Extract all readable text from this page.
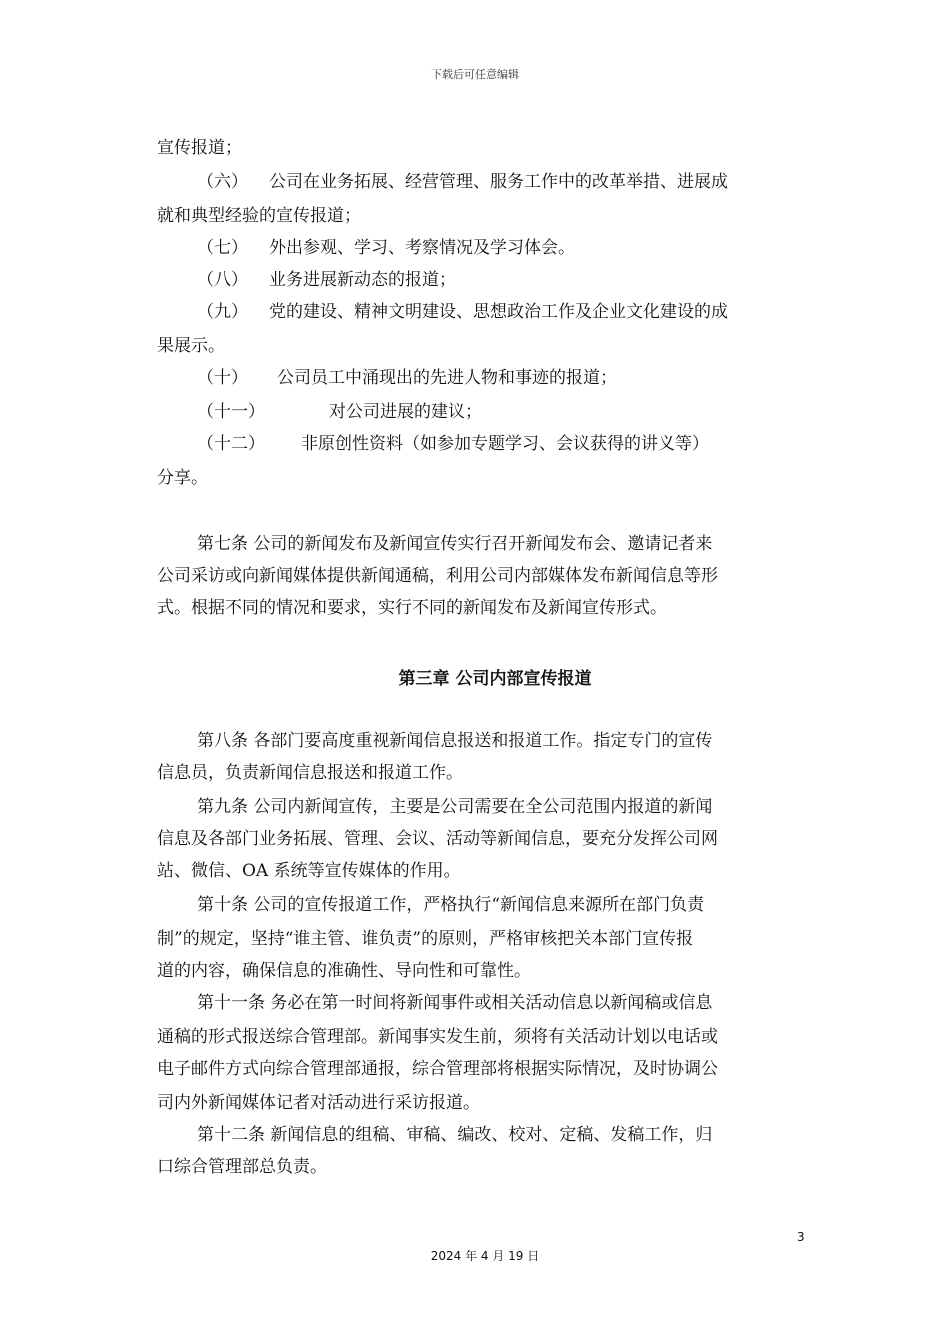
下载后可任意编辑
宣传报道；
（六） 公司在业务拓展、经营管理、服务工作中的改革举措、进展成
就和典型经验的宣传报道；
（七） 外出参观、学习、考察情况及学习体会。
（八） 业务进展新动态的报道；
（九） 党的建设、精神文明建设、思想政治工作及企业文化建设的成
果展示。
（十） 公司员工中涌现出的先进人物和事迹的报道；
（十一）	对公司进展的建议；
（十二） 非原创性资料（如参加专题学习、会议获得的讲义等）
分享。
第七条 公司的新闻发布及新闻宣传实行召开新闻发布会、邀请记者来
公司采访或向新闻媒体提供新闻通稿，利用公司内部媒体发布新闻信息等形
式。根据不同的情况和要求，实行不同的新闻发布及新闻宣传形式。
第三章 公司内部宣传报道
第八条 各部门要高度重视新闻信息报送和报道工作。指定专门的宣传
信息员，负责新闻信息报送和报道工作。
第九条 公司内新闻宣传，主要是公司需要在全公司范围内报道的新闻
信息及各部门业务拓展、管理、会议、活动等新闻信息，要充分发挥公司网
站、微信、OA 系统等宣传媒体的作用。
第十条 公司的宣传报道工作，严格执行“新闻信息来源所在部门负责
制”的规定，坚持“谁主管、谁负责”的原则，严格审核把关本部门宣传报
道的内容，确保信息的准确性、导向性和可靠性。
第十一条 务必在第一时间将新闻事件或相关活动信息以新闻稿或信息
通稿的形式报送综合管理部。新闻事实发生前，须将有关活动计划以电话或
电子邮件方式向综合管理部通报，综合管理部将根据实际情况，及时协调公
司内外新闻媒体记者对活动进行采访报道。
第十二条 新闻信息的组稿、审稿、编改、校对、定稿、发稿工作，归
口综合管理部总负责。
3
2024 年 4 月 19 日
